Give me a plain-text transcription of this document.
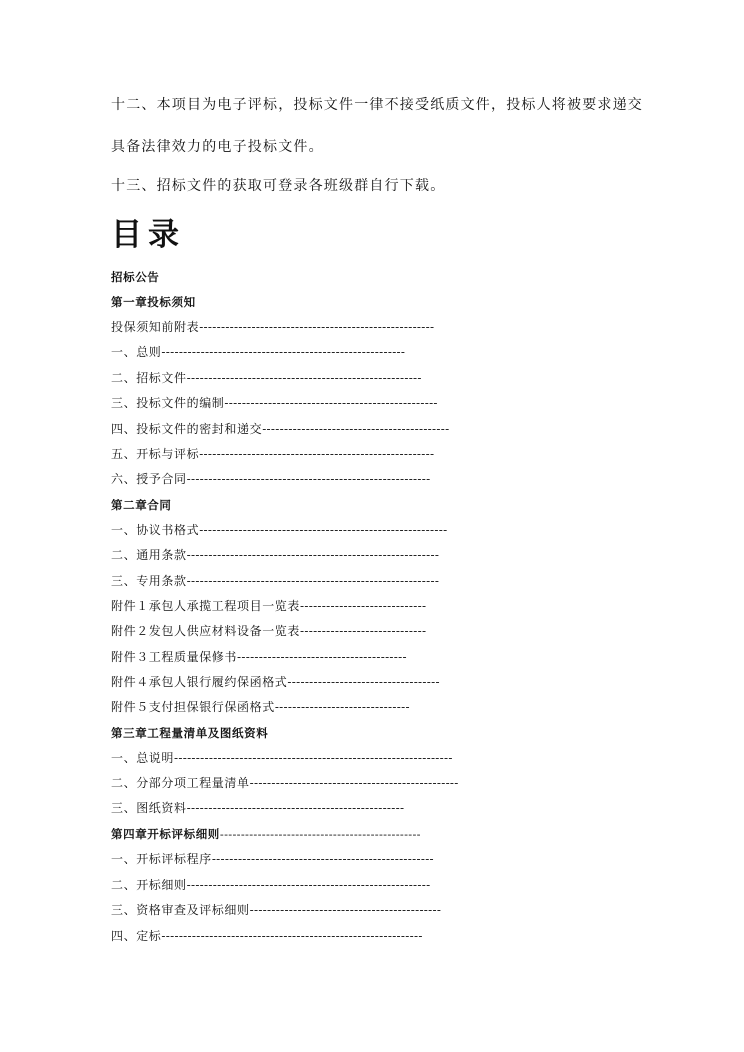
十二、本项目为电子评标，投标文件一律不接受纸质文件，投标人将被要求递交
具备法律效力的电子投标文件。
十三、招标文件的获取可登录各班级群自行下载。
目录
招标公告
第一章投标须知
投保须知前附表------------------------------------------------------
一、总则--------------------------------------------------------
二、招标文件------------------------------------------------------
三、投标文件的编制-------------------------------------------------
四、投标文件的密封和递交-------------------------------------------
五、开标与评标------------------------------------------------------
六、授予合同--------------------------------------------------------
第二章合同
一、协议书格式---------------------------------------------------------
二、通用条款----------------------------------------------------------
三、专用条款----------------------------------------------------------
附件１承包人承揽工程项目一览表-----------------------------
附件２发包人供应材料设备一览表-----------------------------
附件３工程质量保修书---------------------------------------
附件４承包人银行履约保函格式-----------------------------------
附件５支付担保银行保函格式-------------------------------
第三章工程量清单及图纸资料
一、总说明----------------------------------------------------------------
二、分部分项工程量清单------------------------------------------------
三、图纸资料--------------------------------------------------
第四章开标评标细则------------------------------------------------
一、开标评标程序---------------------------------------------------
二、开标细则--------------------------------------------------------
三、资格审查及评标细则--------------------------------------------
四、定标------------------------------------------------------------
